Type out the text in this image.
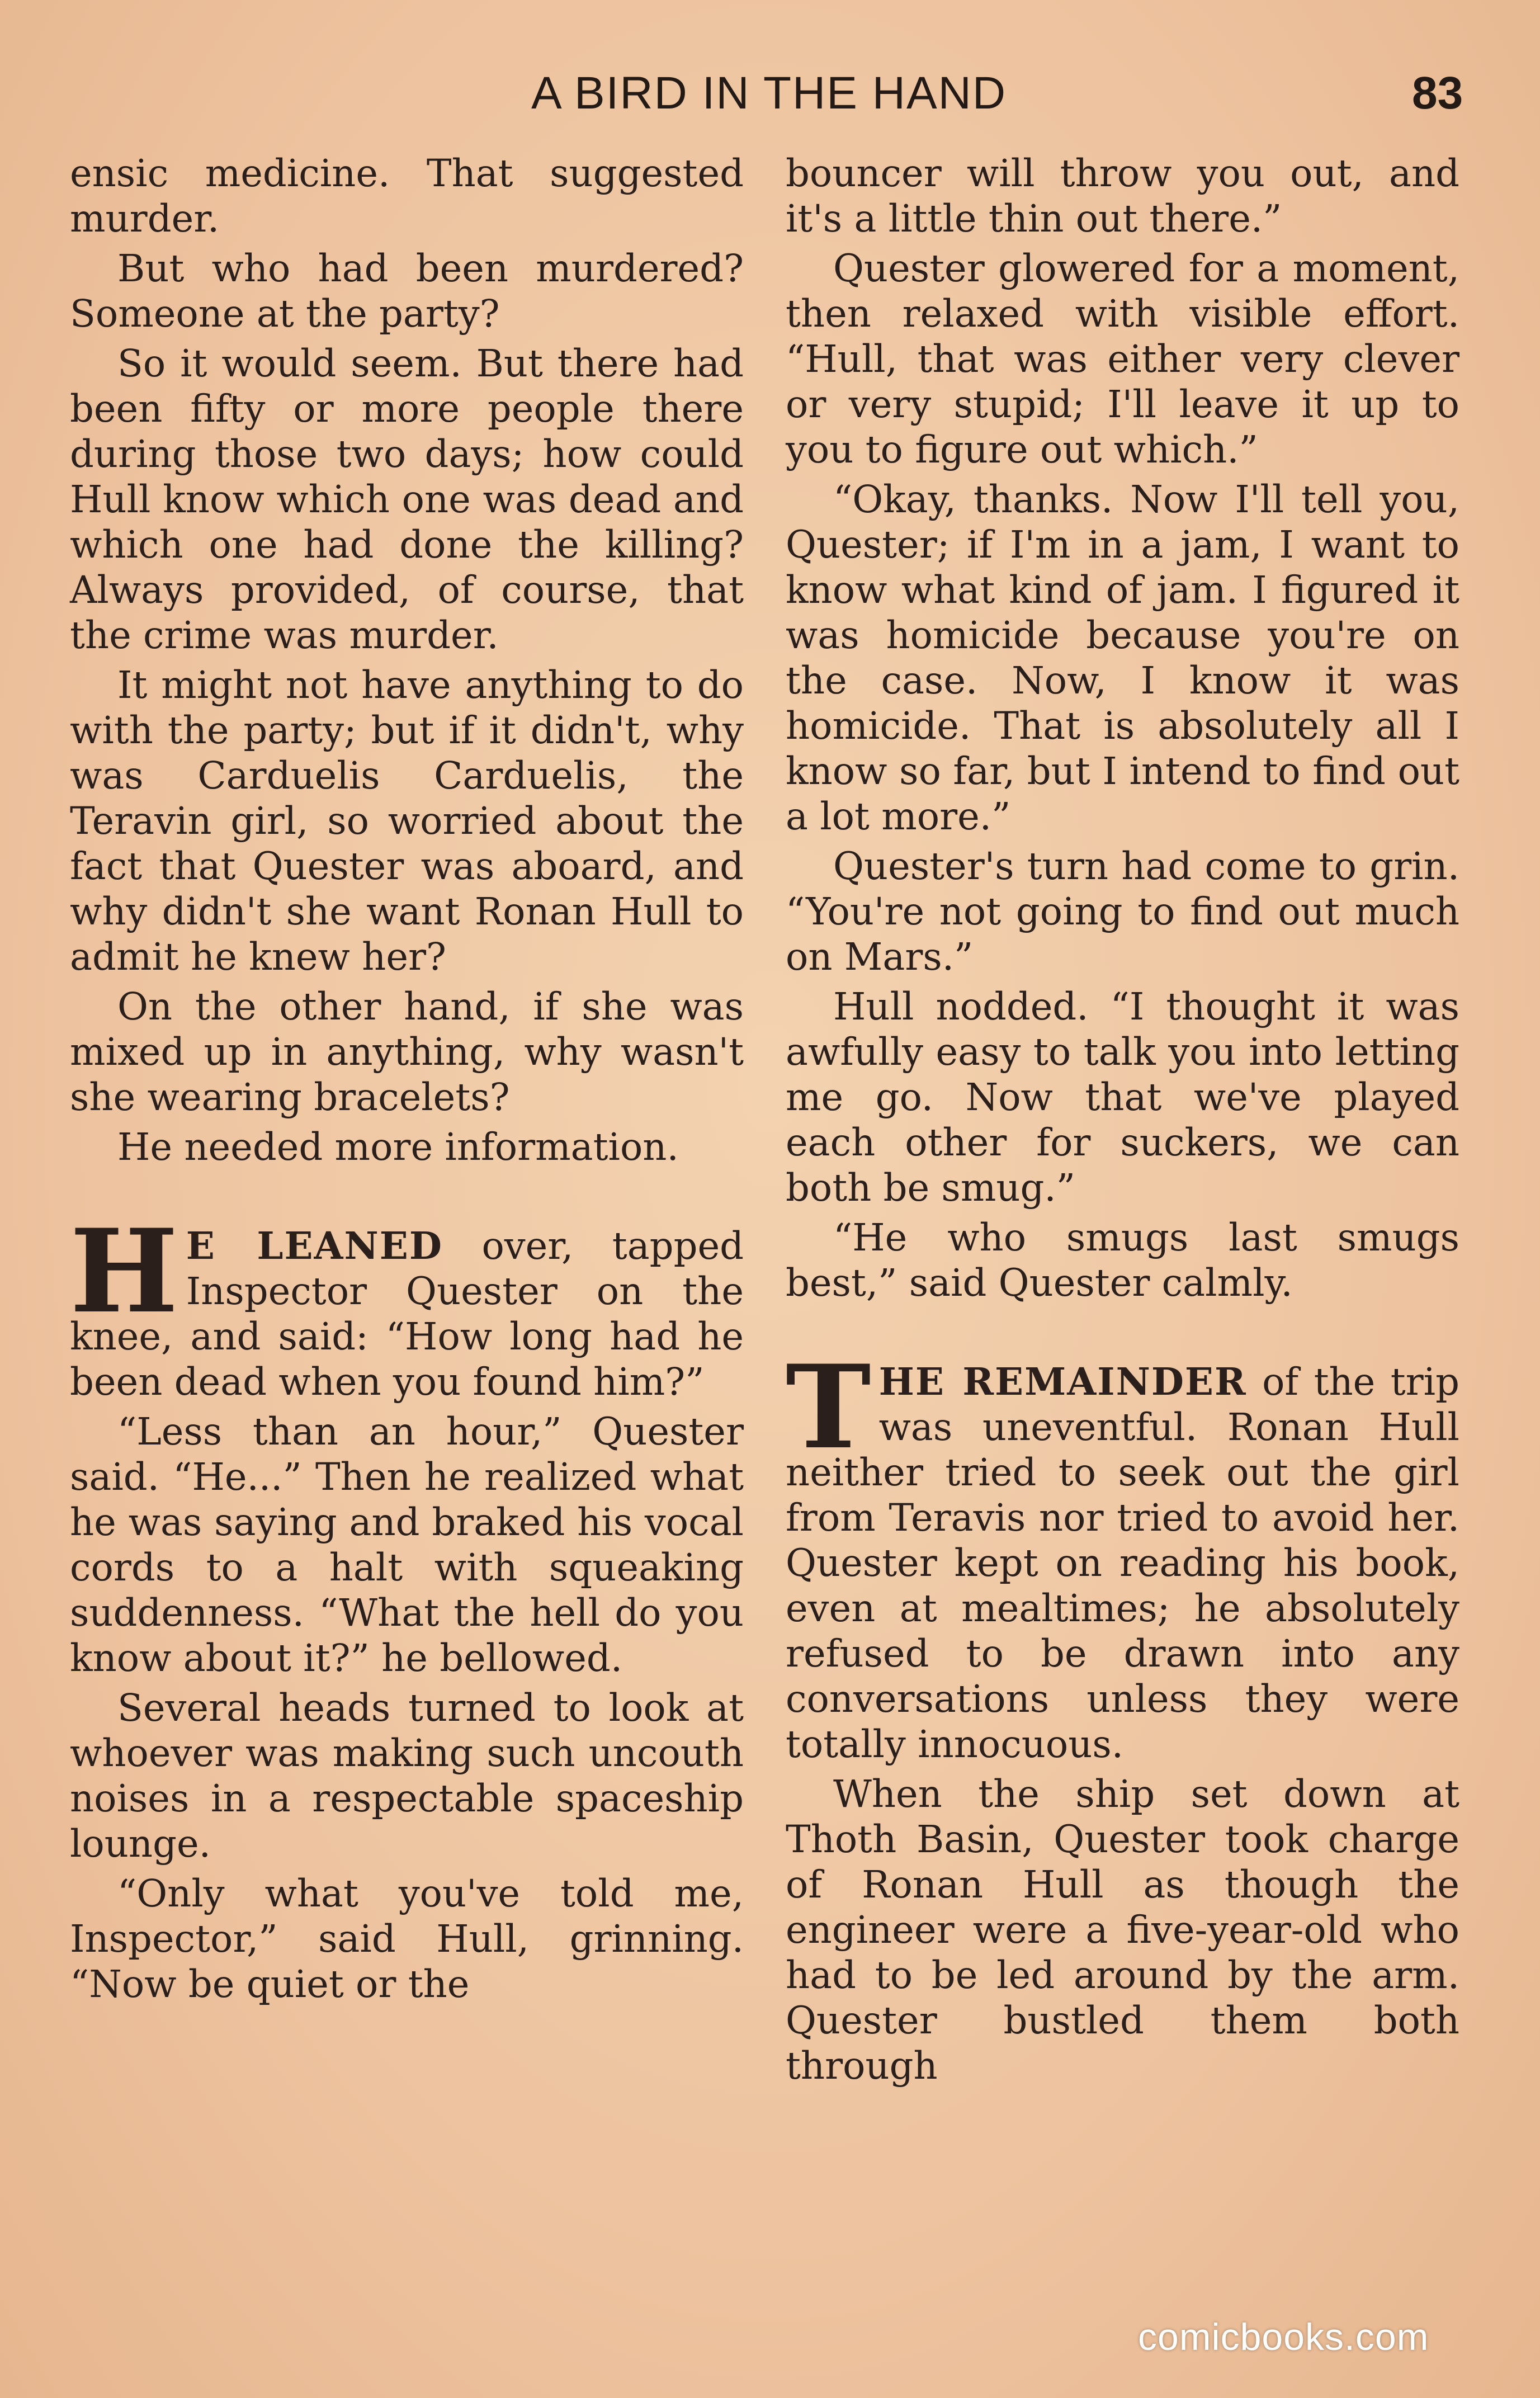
A BIRD IN THE HAND	83

ensic medicine. That suggested murder.

But who had been murdered? Someone at the party?

So it would seem. But there had been fifty or more people there during those two days; how could Hull know which one was dead and which one had done the killing? Always provided, of course, that the crime was murder.

It might not have anything to do with the party; but if it didn't, why was Carduelis Carduelis, the Teravin girl, so worried about the fact that Quester was aboard, and why didn't she want Ronan Hull to admit he knew her?

On the other hand, if she was mixed up in anything, why wasn't she wearing bracelets?

He needed more information.

H E LEANED over, tapped Inspector Quester on the knee, and said: “How long had he been dead when you found him?”

“Less than an hour,” Quester said. “He...” Then he realized what he was saying and braked his vocal cords to a halt with squeaking suddenness. “What the hell do you know about it?” he bellowed.

Several heads turned to look at whoever was making such uncouth noises in a respectable spaceship lounge.

“Only what you've told me, Inspector,” said Hull, grinning. “Now be quiet or the

bouncer will throw you out, and it's a little thin out there.”

Quester glowered for a moment, then relaxed with visible effort. “Hull, that was either very clever or very stupid; I'll leave it up to you to figure out which.”

“Okay, thanks. Now I'll tell you, Quester; if I'm in a jam, I want to know what kind of jam. I figured it was homicide because you're on the case. Now, I know it was homicide. That is absolutely all I know so far, but I intend to find out a lot more.”

Quester's turn had come to grin. “You're not going to find out much on Mars.”

Hull nodded. “I thought it was awfully easy to talk you into letting me go. Now that we've played each other for suckers, we can both be smug.”

“He who smugs last smugs best,” said Quester calmly.

THE REMAINDER of the trip was uneventful. Ronan Hull neither tried to seek out the girl from Teravis nor tried to avoid her. Quester kept on reading his book, even at mealtimes; he absolutely refused to be drawn into any conversations unless they were totally innocuous.

When the ship set down at Thoth Basin, Quester took charge of Ronan Hull as though the engineer were a five-year-old who had to be led around by the arm. Quester bustled them both through

comicbooks.com
